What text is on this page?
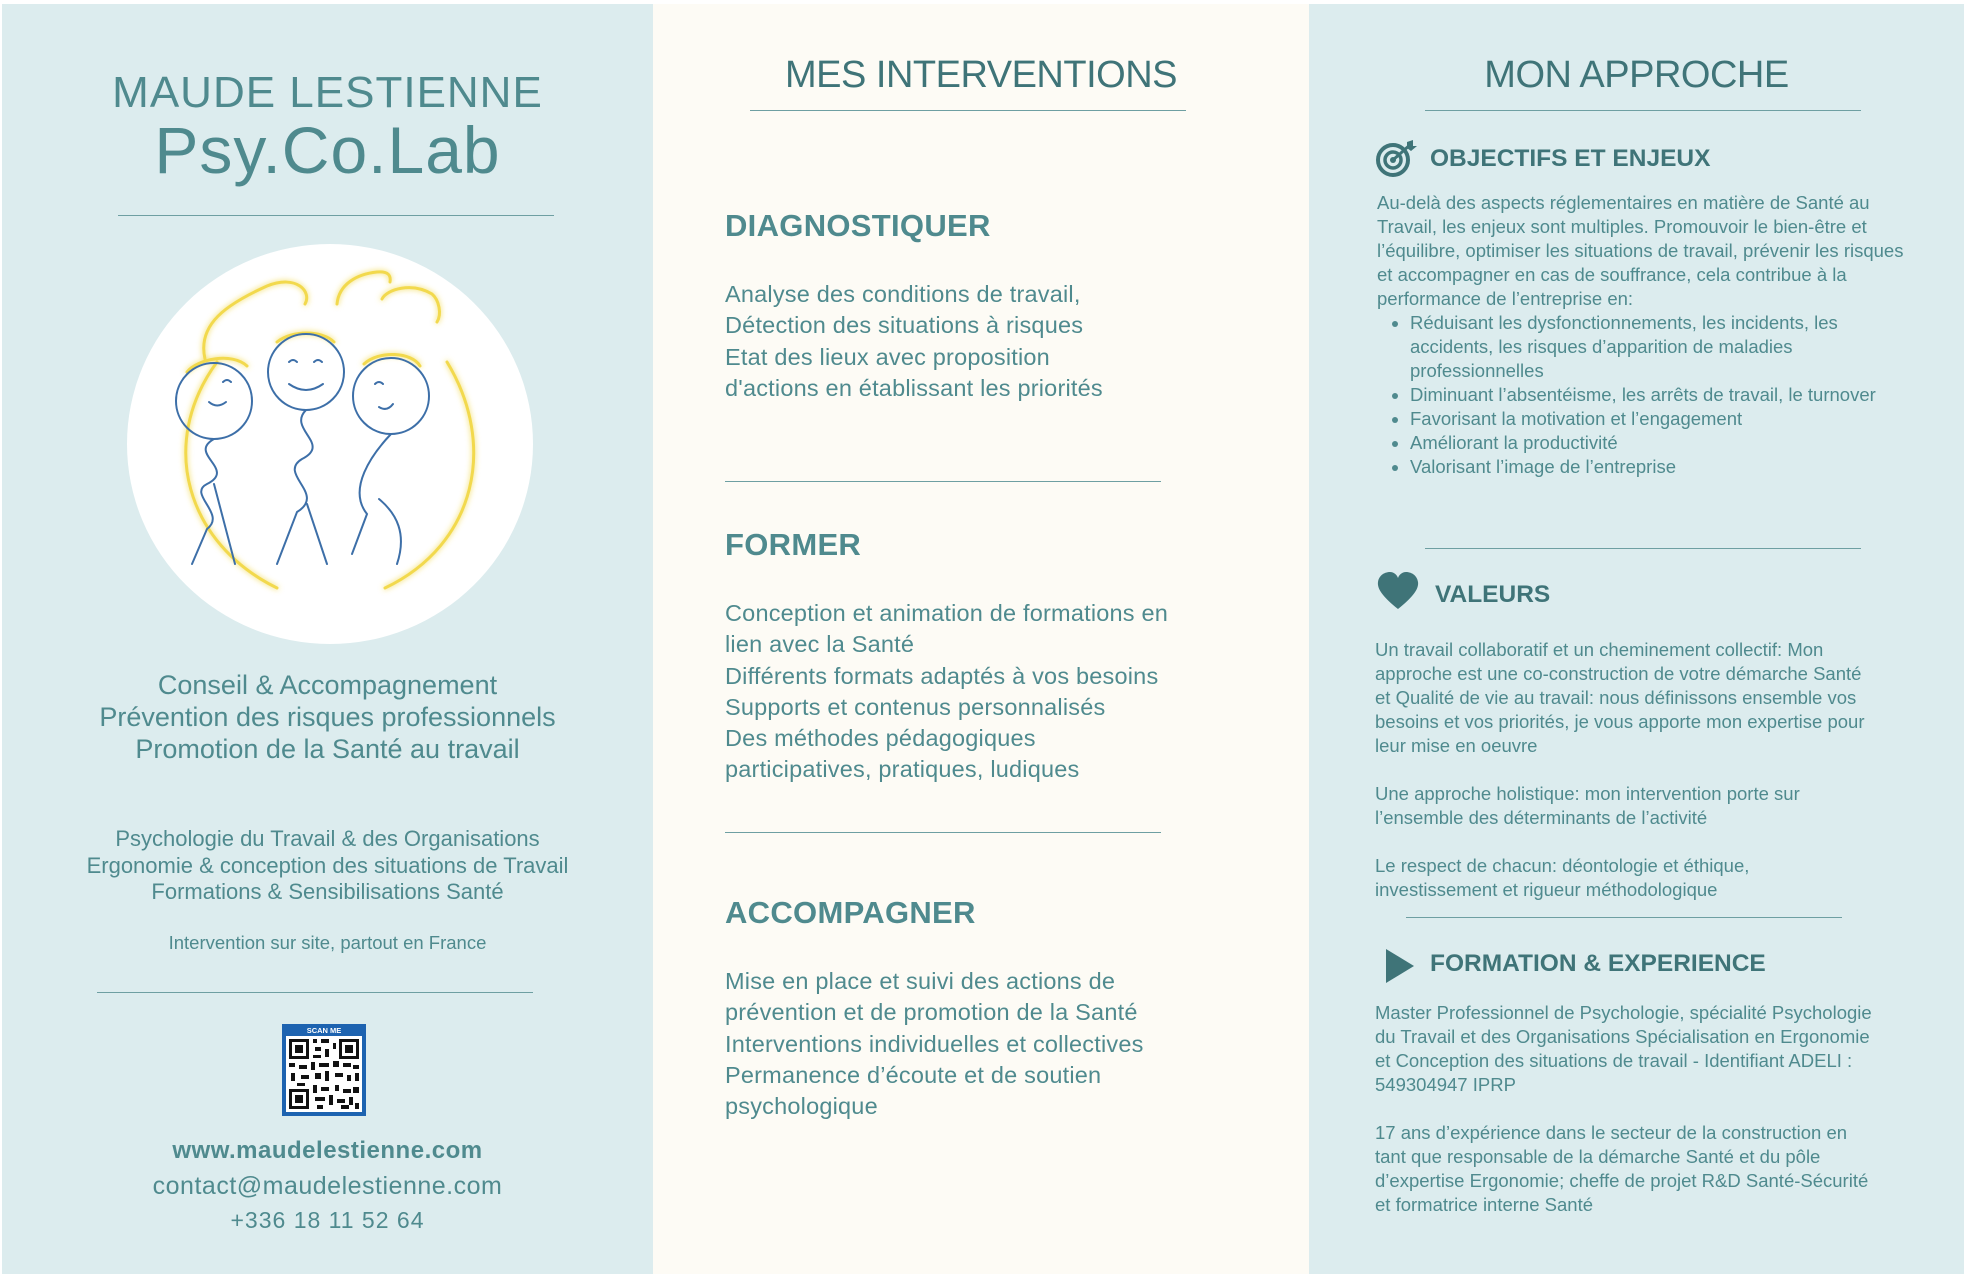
MAUDE LESTIENNE
Psy.Co.Lab
Conseil & Accompagnement
Prévention des risques professionnels
Promotion de la Santé au travail
Psychologie du Travail & des Organisations
Ergonomie & conception des situations de Travail
Formations & Sensibilisations Santé
Intervention sur site, partout en France
SCAN ME
www.maudelestienne.com
contact@maudelestienne.com
+336 18 11 52 64
MES INTERVENTIONS
DIAGNOSTIQUER
Analyse des conditions de travail,
Détection des situations à risques
Etat des lieux avec proposition
d'actions en établissant les priorités
FORMER
Conception et animation de formations en
lien avec la Santé
Différents formats adaptés à vos besoins
Supports et contenus personnalisés
Des méthodes pédagogiques
participatives, pratiques, ludiques
ACCOMPAGNER
Mise en place et suivi des actions de
prévention et de promotion de la Santé
Interventions individuelles et collectives
Permanence d’écoute et de soutien
psychologique
MON APPROCHE
OBJECTIFS ET ENJEUX

Au-delà des aspects réglementaires en matière de Santé au Travail, les enjeux sont multiples. Promouvoir le bien-être et l’équilibre, optimiser les situations de travail, prévenir les risques et accompagner en cas de souffrance, cela contribue à la performance de l’entreprise en:

• Réduisant les dysfonctionnements, les incidents, les accidents, les risques d’apparition de maladies professionnelles
• Diminuant l’absentéisme, les arrêts de travail, le turnover
• Favorisant la motivation et l’engagement
• Améliorant la productivité
• Valorisant l’image de l’entreprise
VALEURS

Un travail collaboratif et un cheminement collectif: Mon approche est une co-construction de votre démarche Santé et Qualité de vie au travail: nous définissons ensemble vos besoins et vos priorités, je vous apporte mon expertise pour leur mise en oeuvre

Une approche holistique: mon intervention porte sur l’ensemble des déterminants de l’activité

Le respect de chacun: déontologie et éthique, investissement et rigueur méthodologique

FORMATION & EXPERIENCE

Master Professionnel de Psychologie, spécialité Psychologie du Travail et des Organisations Spécialisation en Ergonomie et Conception des situations de travail - Identifiant ADELI : 549304947 IPRP

17 ans d’expérience dans le secteur de la construction en tant que responsable de la démarche Santé et du pôle d’expertise Ergonomie; cheffe de projet R&D Santé-Sécurité et formatrice interne Santé
